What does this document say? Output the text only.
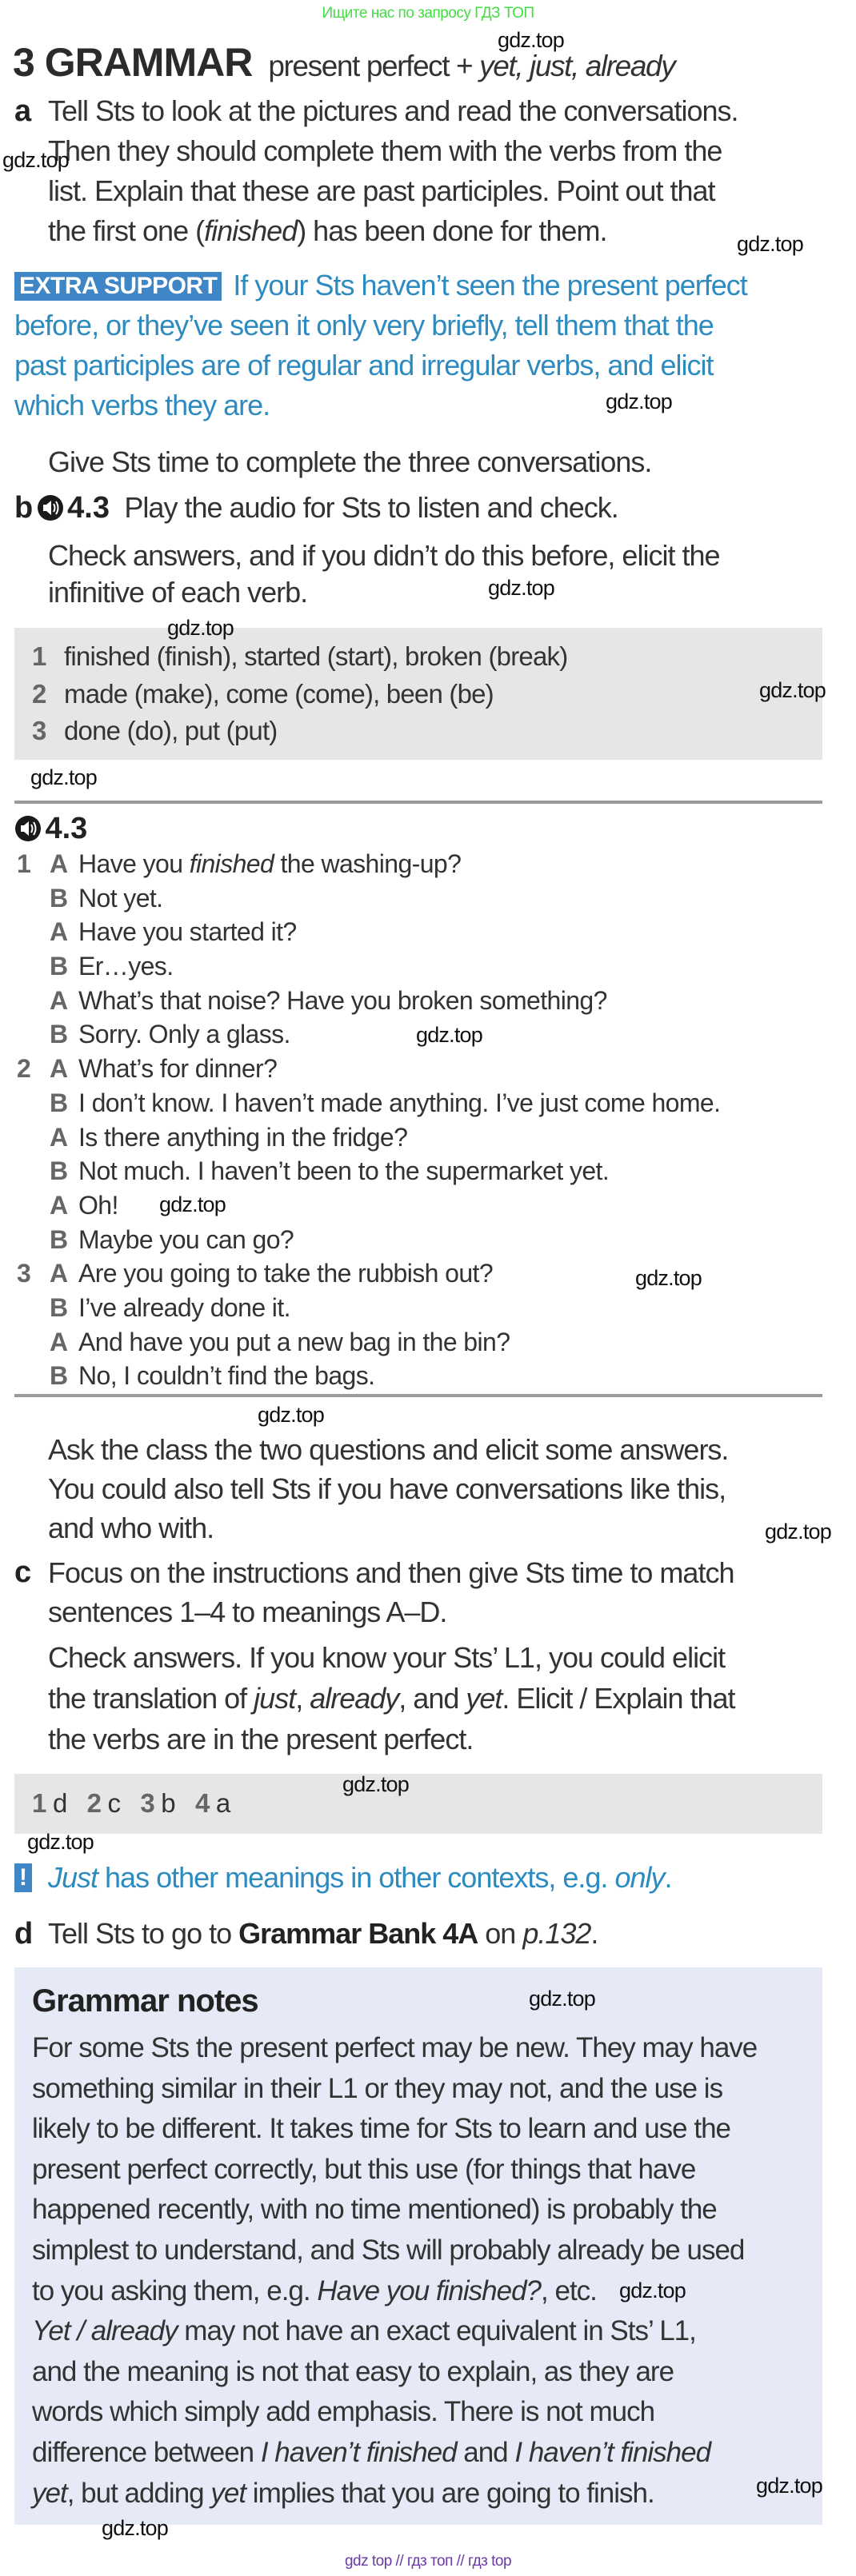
Ищите нас по запросу ГДЗ ТОП
3 GRAMMAR present perfect + yet, just, already
a Tell Sts to look at the pictures and read the conversations.
Then they should complete them with the verbs from the
list. Explain that these are past participles. Point out that
the first one (finished) has been done for them.
EXTRA SUPPORT If your Sts haven’t seen the present perfect
before, or they’ve seen it only very briefly, tell them that the
past participles are of regular and irregular verbs, and elicit
which verbs they are.
Give Sts time to complete the three conversations.
b 4.3 Play the audio for Sts to listen and check.
Check answers, and if you didn’t do this before, elicit the
infinitive of each verb.
1 finished (finish), started (start), broken (break)
2 made (make), come (come), been (be)
3 done (do), put (put)
4.3
1 A Have you finished the washing-up?
B Not yet.
A Have you started it?
B Er…yes.
A What’s that noise? Have you broken something?
B Sorry. Only a glass.
2 A What’s for dinner?
B I don’t know. I haven’t made anything. I’ve just come home.
A Is there anything in the fridge?
B Not much. I haven’t been to the supermarket yet.
A Oh!
B Maybe you can go?
3 A Are you going to take the rubbish out?
B I’ve already done it.
A And have you put a new bag in the bin?
B No, I couldn’t find the bags.
Ask the class the two questions and elicit some answers.
You could also tell Sts if you have conversations like this,
and who with.
c Focus on the instructions and then give Sts time to match
sentences 1–4 to meanings A–D.
Check answers. If you know your Sts’ L1, you could elicit
the translation of just, already, and yet. Elicit / Explain that
the verbs are in the present perfect.
1 d 2 c 3 b 4 a
! Just has other meanings in other contexts, e.g. only.
d Tell Sts to go to Grammar Bank 4A on p.132.
Grammar notes
For some Sts the present perfect may be new. They may have
something similar in their L1 or they may not, and the use is
likely to be different. It takes time for Sts to learn and use the
present perfect correctly, but this use (for things that have
happened recently, with no time mentioned) is probably the
simplest to understand, and Sts will probably already be used
to you asking them, e.g. Have you finished?, etc.
Yet / already may not have an exact equivalent in Sts’ L1,
and the meaning is not that easy to explain, as they are
words which simply add emphasis. There is not much
difference between I haven’t finished and I haven’t finished
yet, but adding yet implies that you are going to finish.
gdz.top
gdz.top
gdz.top
gdz.top
gdz.top
gdz.top
gdz.top
gdz.top
gdz.top
gdz.top
gdz.top
gdz.top
gdz.top
gdz.top
gdz.top
gdz.top
gdz.top
gdz.top
gdz.top
gdz top // гдз топ // гдз top
